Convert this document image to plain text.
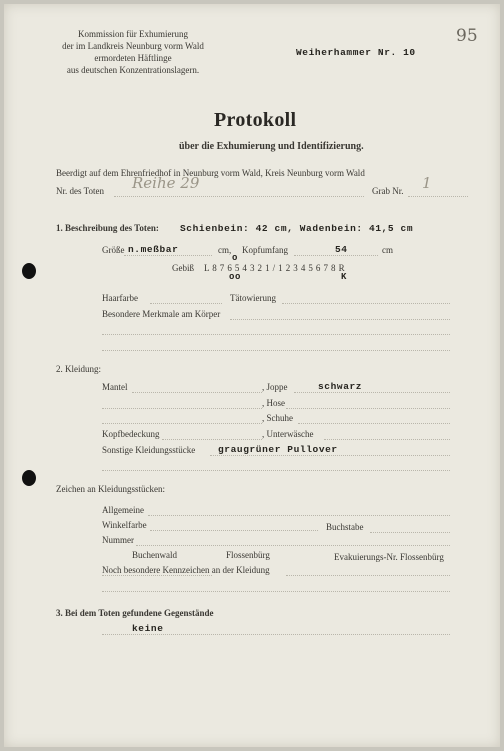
Kommission für Exhumierung
der im Landkreis Neunburg vorm Wald
ermordeten Häftlinge
aus deutschen Konzentrationslagern.
Weiherhammer Nr. 10
95
Protokoll
über die Exhumierung und Identifizierung.
Beerdigt auf dem Ehrenfriedhof in Neunburg vorm Wald, Kreis Neunburg vorm Wald
Nr. des Toten Reihe 29	Grab Nr. 1
1. Beschreibung des Toten: Schienbein: 42 cm, Wadenbein: 41,5 cm
Größe n.meßbar	cm, Kopfumfang	54	cm
Gebiß L 8 7 6 5 4 3 2 1 / 1 2 3 4 5 6 7 8 R
o
oo	K
Haarfarbe	Tätowierung
Besondere Merkmale am Körper
2. Kleidung:
Mantel	, Joppe	schwarz
, Hose
, Schuhe
Kopfbedeckung	, Unterwäsche
Sonstige Kleidungsstücke graugrüner Pullover
Zeichen an Kleidungsstücken:
Allgemeine
Winkelfarbe	Buchstabe
Nummer
Buchenwald	Flossenbürg	Evakuierungs-Nr. Flossenbürg
Noch besondere Kennzeichen an der Kleidung
3. Bei dem Toten gefundene Gegenstände
keine
